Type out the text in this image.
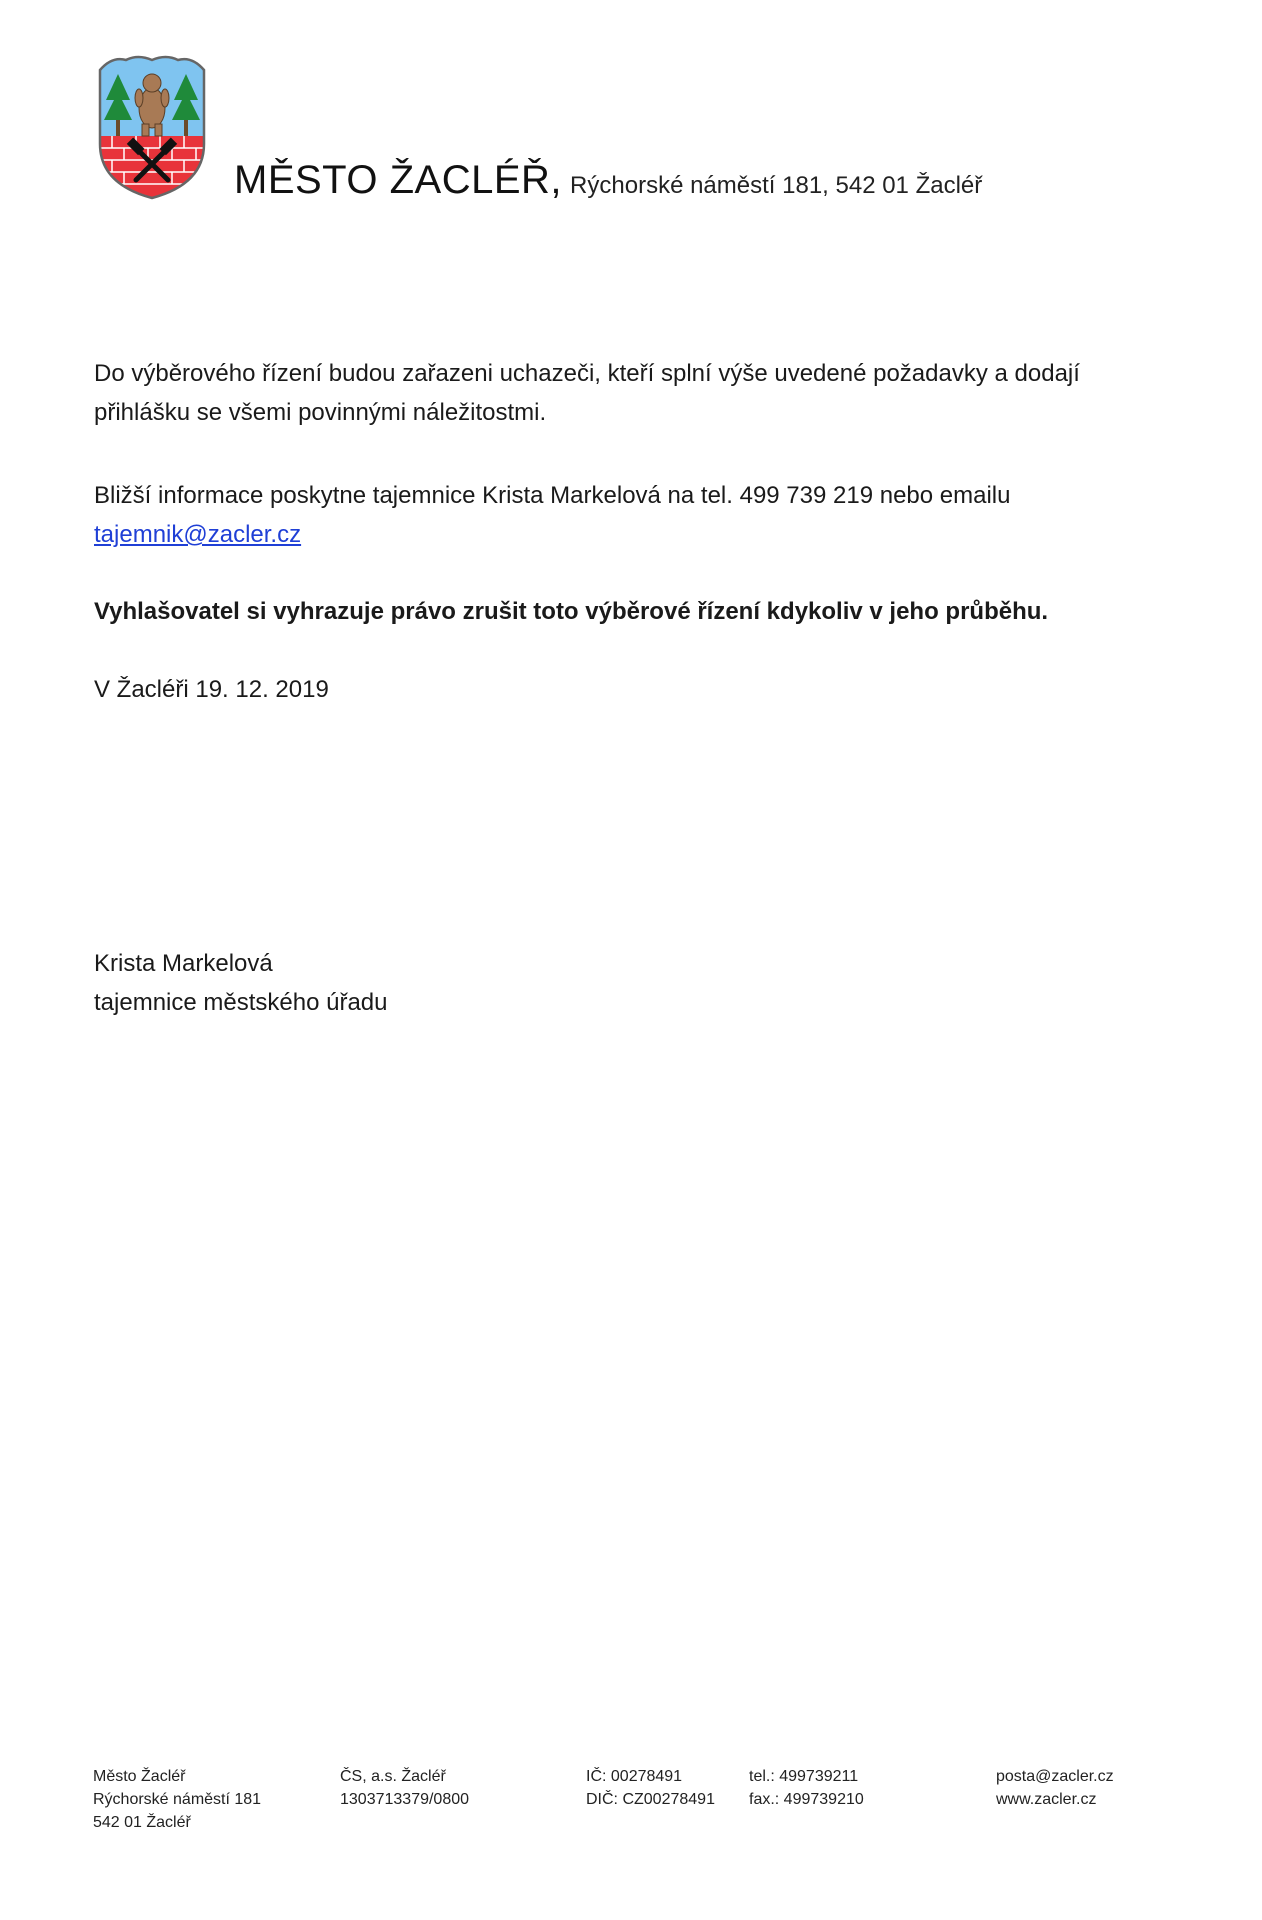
MĚSTO ŽACLÉŘ, Rýchorské náměstí 181, 542 01 Žacléř
Do výběrového řízení budou zařazeni uchazeči, kteří splní výše uvedené požadavky a dodají přihlášku se všemi povinnými náležitostmi.
Bližší informace poskytne tajemnice Krista Markelová na tel. 499 739 219 nebo emailu
tajemnik@zacler.cz
Vyhlašovatel si vyhrazuje právo zrušit toto výběrové řízení kdykoliv v jeho průběhu.
V Žacléři 19. 12. 2019
Krista Markelová
tajemnice městského úřadu
Město Žacléř
Rýchorské náměstí 181
542 01 Žacléř
ČS, a.s. Žacléř
1303713379/0800
IČ: 00278491
DIČ: CZ00278491
tel.: 499739211
fax.: 499739210
posta@zacler.cz
www.zacler.cz
